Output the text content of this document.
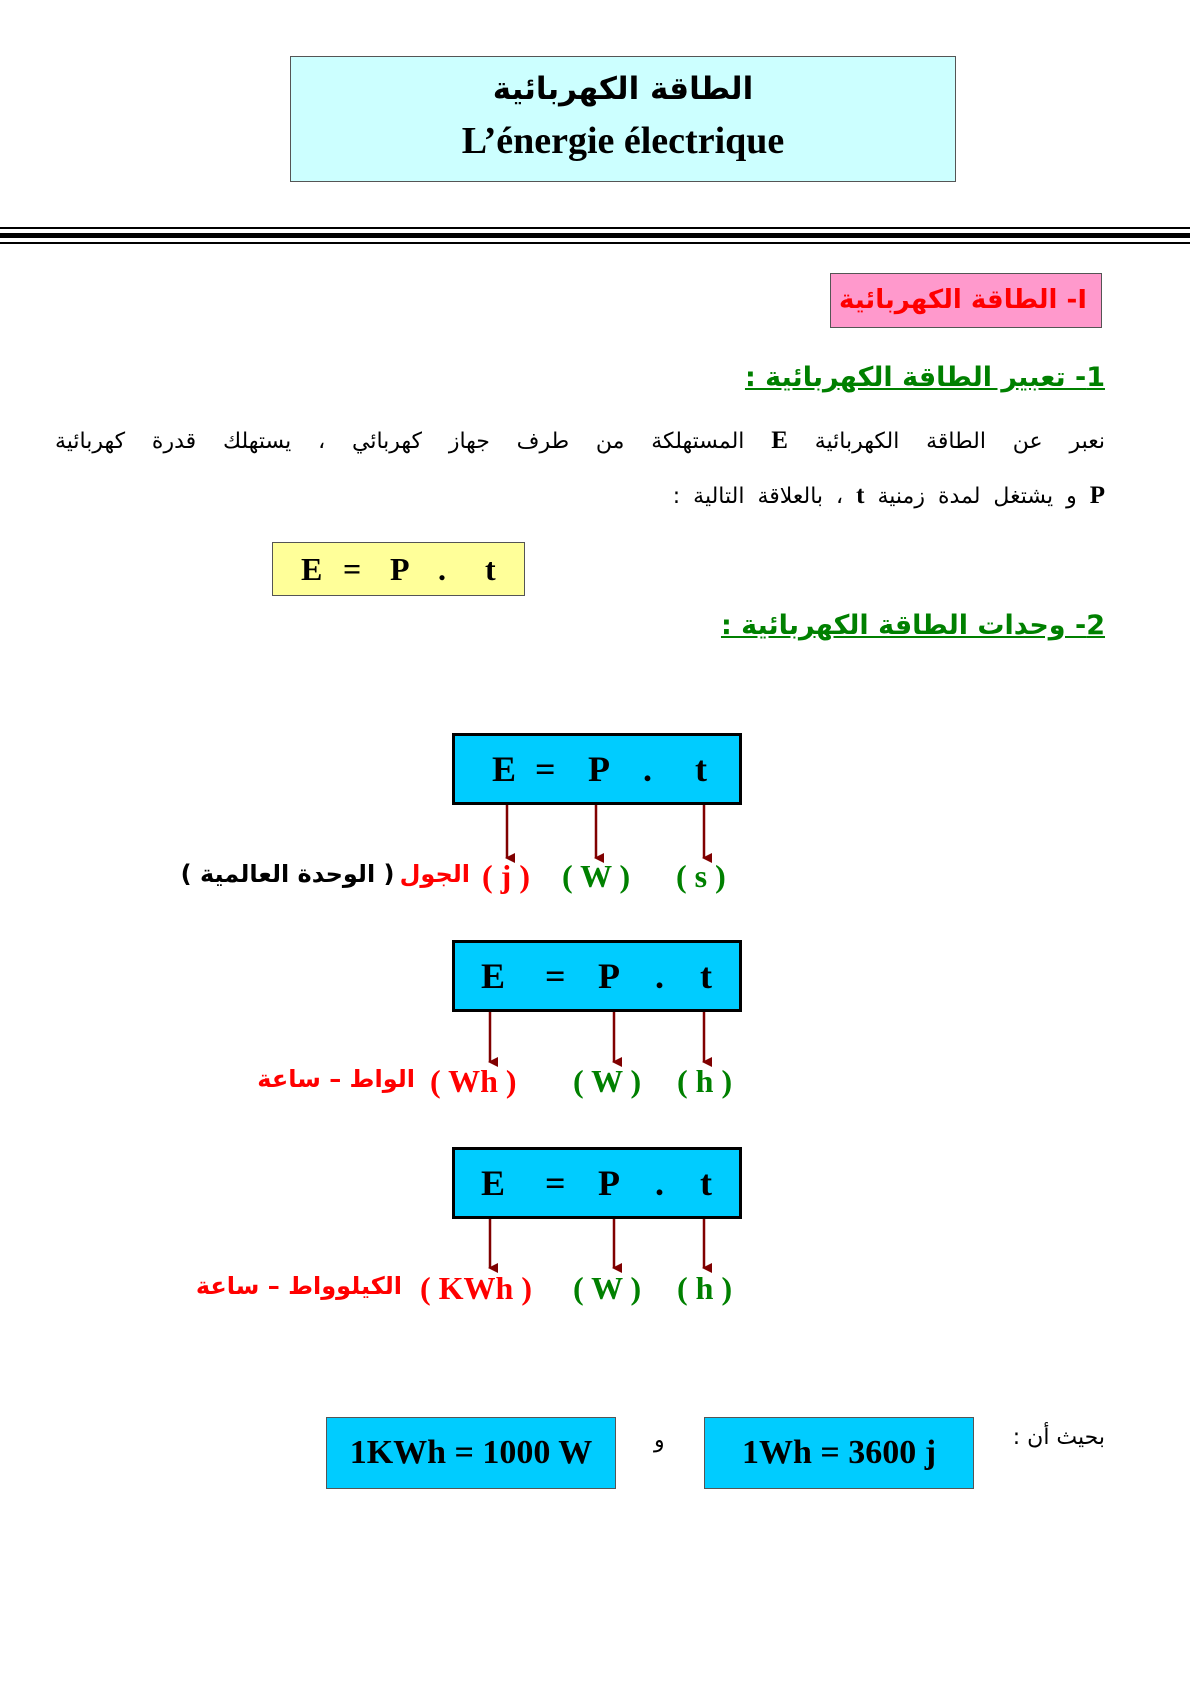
الطاقة الكهربائية
L’énergie électrique
I- الطاقة الكهربائية
1- تعبير الطاقة الكهربائية :
نعبر عن الطاقة الكهربائية E المستهلكة من طرف جهاز كهربائي ، يستهلك قدرة كهربائية
P و يشتغل لمدة زمنية t ، بالعلاقة التالية :
E = P . t
2- وحدات الطاقة الكهربائية :
E = P . t
( s )
( W )
( j )
الجول ( الوحدة العالمية )
E = P . t
( h )
( W )
( Wh )
الواط – ساعة
E = P . t
( h )
( W )
( KWh )
الكيلوواط – ساعة
بحيث أن :
1Wh = 3600 j
و
1KWh = 1000 W
